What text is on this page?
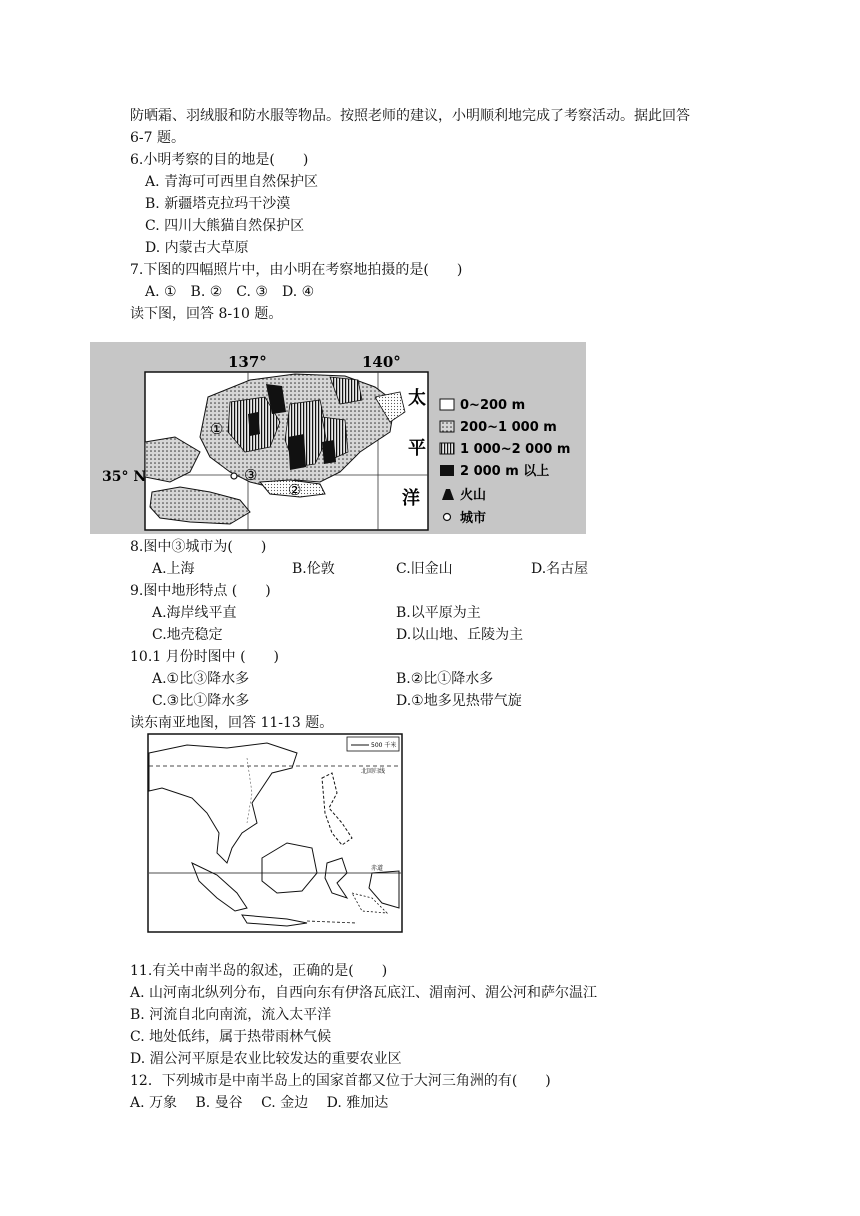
防晒霜、羽绒服和防水服等物品。按照老师的建议，小明顺利地完成了考察活动。据此回答
6-7 题。
6.小明考察的目的地是(　　)
A. 青海可可西里自然保护区
B. 新疆塔克拉玛干沙漠
C. 四川大熊猫自然保护区
D. 内蒙古大草原
7.下图的四幅照片中，由小明在考察地拍摄的是(　　)
A. ①　B. ②　C. ③　D. ④
读下图，回答 8-10 题。
①
②
③
137°	140°
35° N
太
平
洋
0~200 m
200~1 000 m
1 000~2 000 m
2 000 m 以上
火山
城市
8.图中③城市为(　　)
A.上海	B.伦敦	C.旧金山	D.名古屋
9.图中地形特点 (　　)
A.海岸线平直	B.以平原为主
C.地壳稳定	D.以山地、丘陵为主
10.1 月份时图中 (　　)
A.①比③降水多	B.②比①降水多
C.③比①降水多	D.①地多见热带气旋
读东南亚地图，回答 11-13 题。
500 千米
北回归线
赤道
11.有关中南半岛的叙述，正确的是(　　)
A. 山河南北纵列分布，自西向东有伊洛瓦底江、湄南河、湄公河和萨尔温江
B. 河流自北向南流，流入太平洋
C. 地处低纬，属于热带雨林气候
D. 湄公河平原是农业比较发达的重要农业区
12．下列城市是中南半岛上的国家首都又位于大河三角洲的有(　　)
A. 万象　 B. 曼谷　 C. 金边　 D. 雅加达
